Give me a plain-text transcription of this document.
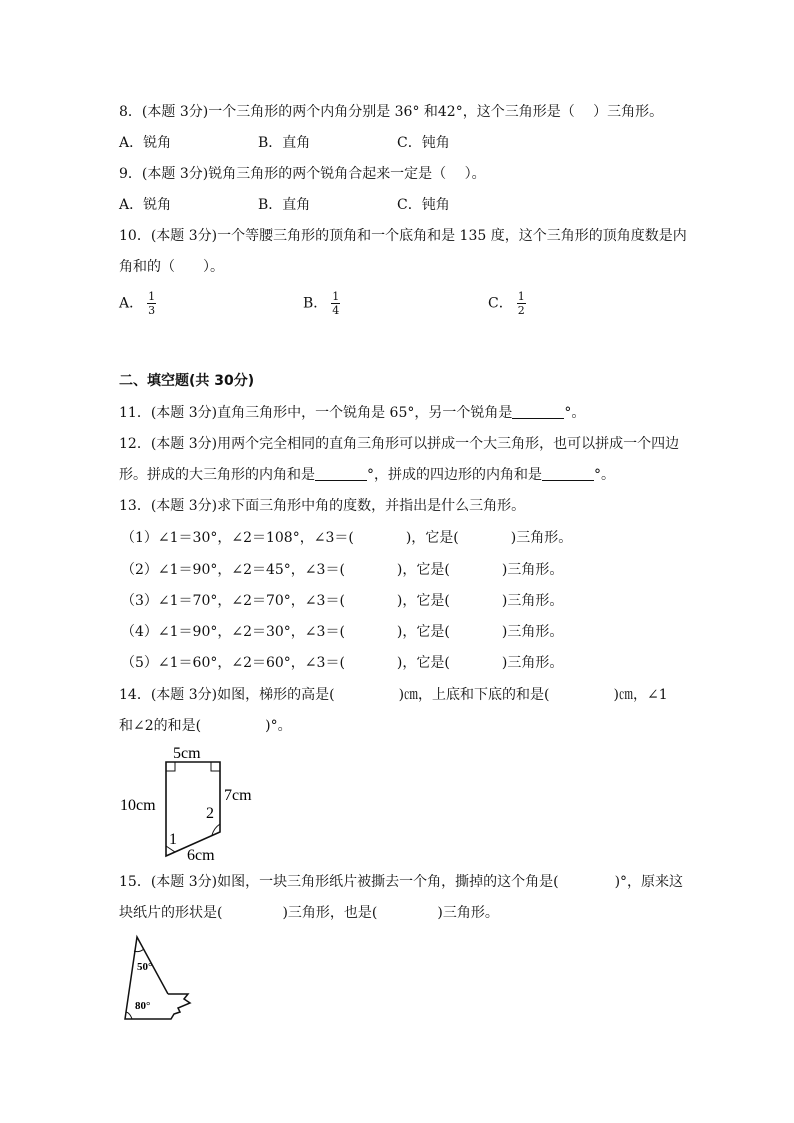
8．(本题 3分)一个三角形的两个内角分别是 36° 和42°，这个三角形是（　 ）三角形。
A．锐角	B．直角	C．钝角
9．(本题 3分)锐角三角形的两个锐角合起来一定是（　 ）。
A．锐角	B．直角	C．钝角
10．(本题 3分)一个等腰三角形的顶角和一个底角和是 135 度，这个三角形的顶角度数是内
角和的（　　）。
A． $\frac{1}{3}$	B． $\frac{1}{4}$	C． $\frac{1}{2}$
二、填空题(共 30分)
11．(本题 3分)直角三角形中，一个锐角是 65°，另一个锐角是	°。
12．(本题 3分)用两个完全相同的直角三角形可以拼成一个大三角形，也可以拼成一个四边
形。拼成的大三角形的内角和是	°，拼成的四边形的内角和是	°。
13．(本题 3分)求下面三角形中角的度数，并指出是什么三角形。
（1）∠1＝30°，∠2＝108°，∠3＝(	)，它是(	)三角形。
（2）∠1＝90°，∠2＝45°，∠3＝(	)，它是(	)三角形。
（3）∠1＝70°，∠2＝70°，∠3＝(	)，它是(	)三角形。
（4）∠1＝90°，∠2＝30°，∠3＝(	)，它是(	)三角形。
（5）∠1＝60°，∠2＝60°，∠3＝(	)，它是(	)三角形。
14．(本题 3分)如图，梯形的高是(	)㎝，上底和下底的和是(	)㎝，∠1
和∠2的和是(	)°。
5cm
10cm
7cm
6cm
1
2
15．(本题 3分)如图，一块三角形纸片被撕去一个角，撕掉的这个角是(	)°，原来这
块纸片的形状是(	)三角形，也是(	)三角形。
50°
80°
